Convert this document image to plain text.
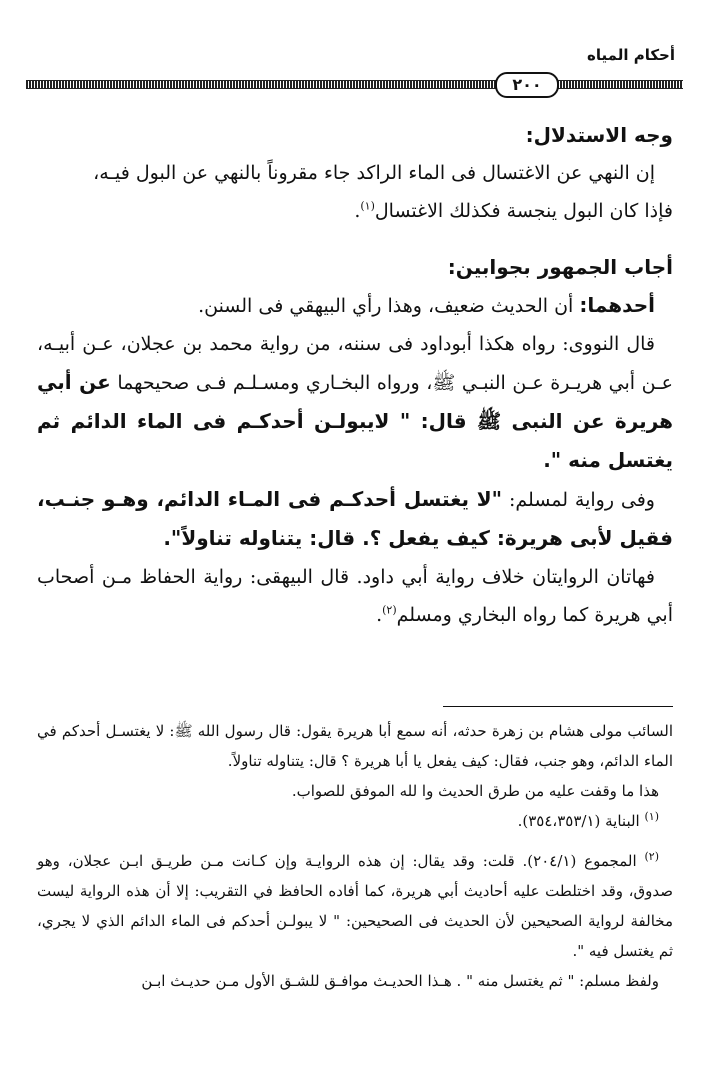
أحكام المياه
٢٠٠

وجه الاستدلال:

إن النهي عن الاغتسال فى الماء الراكد جاء مقروناً بالنهي عن البول فيـه،
فإذا كان البول ينجسة فكذلك الاغتسال$^{(١)}$.

أجاب الجمهور بجوابين:

أحدهما: أن الحديث ضعيف، وهذا رأي البيهقي فى السنن.

قال النووى: رواه هكذا أبوداود فى سننه، من رواية محمد بن عجلان، عـن أبيـه، عـن أبي هريـرة عـن النبـي ﷺ، ورواه البخـاري ومسـلـم فـى صحيحهما عن أبي هريرة عن النبى ﷺ قال: " لايبولـن أحدكـم فى الماء الدائم ثم يغتسل منه ".

وفى رواية لمسلم: "لا يغتسل أحدكـم فى المـاء الدائم، وهـو جنـب، فقيل لأبى هريرة: كيف يفعل ؟. قال: يتناوله تناولاً".

فهاتان الروايتان خلاف رواية أبي داود. قال البيهقى: رواية الحفاظ مـن أصحاب أبي هريرة كما رواه البخاري ومسلم$^{(٢)}$.

السائب مولى هشام بن زهرة حدثه، أنه سمع أبا هريرة يقول: قال رسول الله ﷺ: لا يغتسـل أحدكم في الماء الدائم، وهو جنب، فقال: كيف يفعل يا أبا هريرة ؟ قال: يتناوله تناولاً.

هذا ما وقفت عليه من طرق الحديث وا لله الموفق للصواب.

$^{(١)}$ البناية (٣٥٤،٣٥٣/١).

$^{(٢)}$ المجموع (٢٠٤/١). قلت: وقد يقال: إن هذه الروايـة وإن كـانت مـن طريـق ابـن عجلان، وهو صدوق، وقد اختلطت عليه أحاديث أبي هريرة، كما أفاده الحافظ في التقريب: إلا أن هذه الرواية ليست مخالفة لرواية الصحيحين لأن الحديث فى الصحيحين: " لا يبولـن أحدكم فى الماء الدائم الذي لا يجري، ثم يغتسل فيه ".

ولفظ مسلم: " ثم يغتسل منه " . هـذا الحديـث موافـق للشـق الأول مـن حديـث ابـن
